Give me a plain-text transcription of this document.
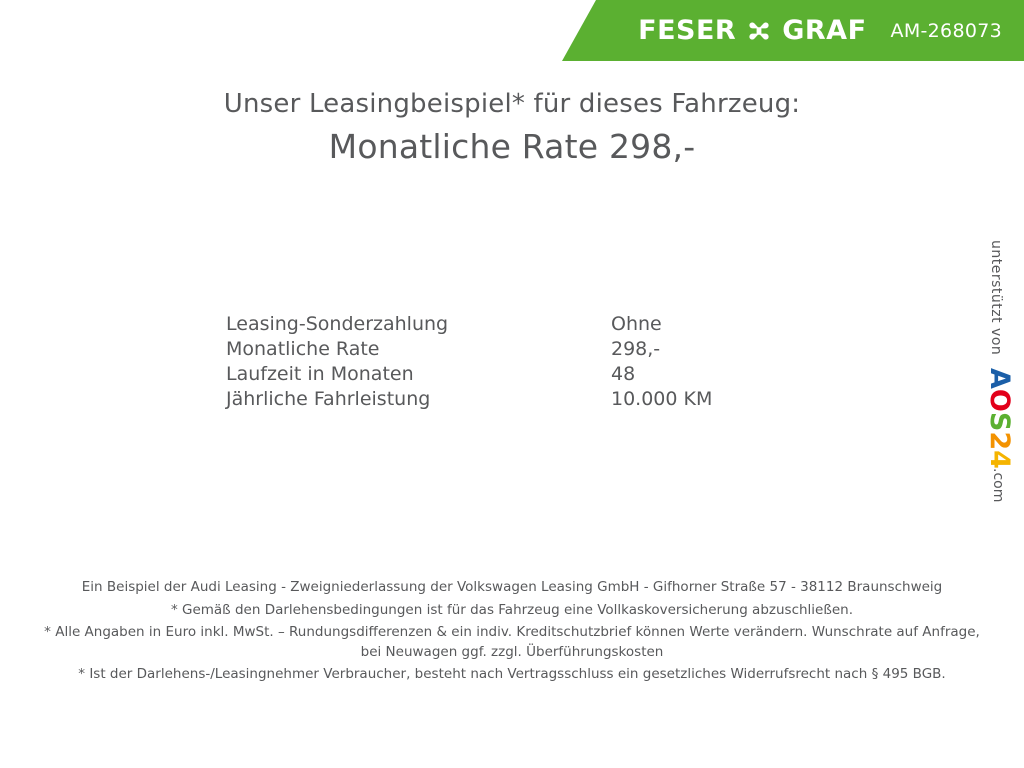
FESER GRAF AM-268073
Unser Leasingbeispiel* für dieses Fahrzeug:
Monatliche Rate 298,-
Leasing-Sonderzahlung	Ohne
Monatliche Rate	298,-
Laufzeit in Monaten	48
Jährliche Fahrleistung	10.000 KM
unterstützt von
AOS24
.com

Ein Beispiel der Audi Leasing - Zweigniederlassung der Volkswagen Leasing GmbH - Gifhorner Straße 57 - 38112 Braunschweig

* Gemäß den Darlehensbedingungen ist für das Fahrzeug eine Vollkaskoversicherung abzuschließen.

* Alle Angaben in Euro inkl. MwSt. – Rundungsdifferenzen & ein indiv. Kreditschutzbrief können Werte verändern. Wunschrate auf Anfrage, bei Neuwagen ggf. zzgl. Überführungskosten

* Ist der Darlehens-/Leasingnehmer Verbraucher, besteht nach Vertragsschluss ein gesetzliches Widerrufsrecht nach § 495 BGB.
